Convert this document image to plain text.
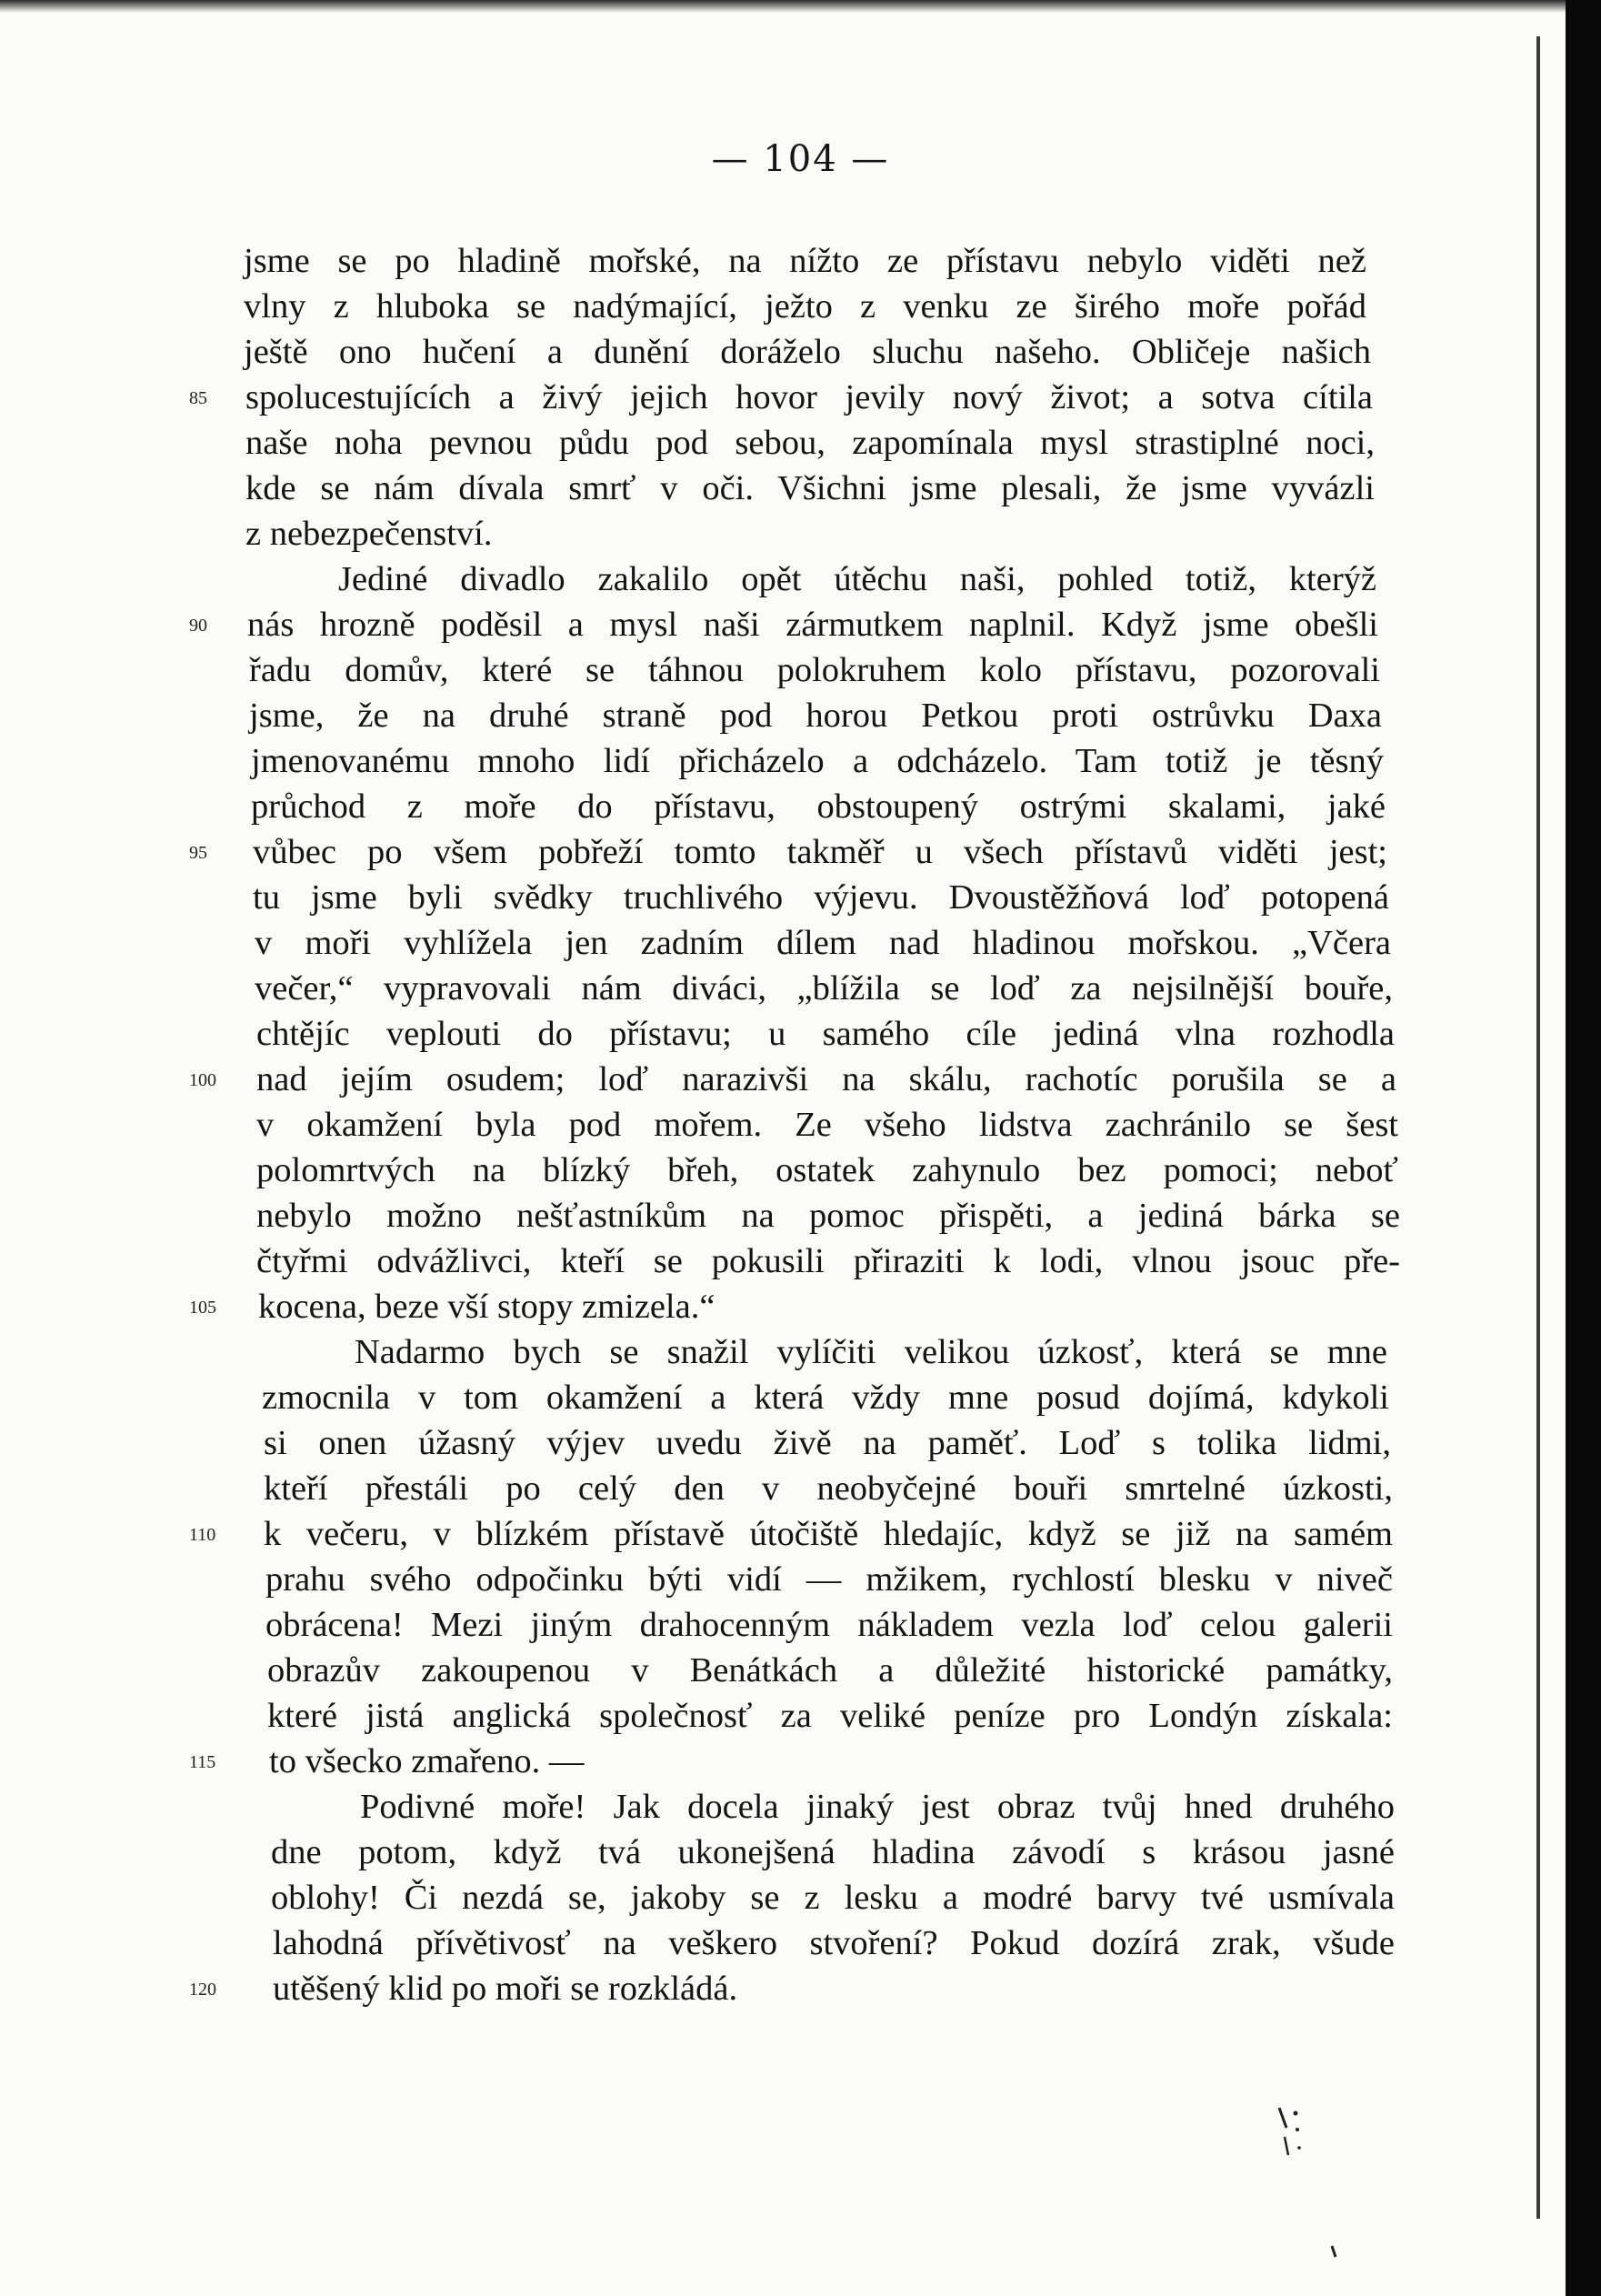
— 104 —
jsme se po hladině mořské, na nížto ze přístavu nebylo viděti než
vlny z hluboka se nadýmající, ježto z venku ze širého moře pořád
ještě ono hučení a dunění doráželo sluchu našeho. Obličeje našich
spolucestujících a živý jejich hovor jevily nový život; a sotva cítila
85
naše noha pevnou půdu pod sebou, zapomínala mysl strastiplné noci,
kde se nám dívala smrť v oči. Všichni jsme plesali, že jsme vyvázli
z nebezpečenství.
Jediné divadlo zakalilo opět útěchu naši, pohled totiž, kterýž
nás hrozně poděsil a mysl naši zármutkem naplnil. Když jsme obešli
90
řadu domův, které se táhnou polokruhem kolo přístavu, pozorovali
jsme, že na druhé straně pod horou Petkou proti ostrůvku Daxa
jmenovanému mnoho lidí přicházelo a odcházelo. Tam totiž je těsný
průchod z moře do přístavu, obstoupený ostrými skalami, jaké
vůbec po všem pobřeží tomto takměř u všech přístavů viděti jest;
95
tu jsme byli svědky truchlivého výjevu. Dvoustěžňová loď potopená
v moři vyhlížela jen zadním dílem nad hladinou mořskou. „Včera
večer,“ vypravovali nám diváci, „blížila se loď za nejsilnější bouře,
chtějíc veplouti do přístavu; u samého cíle jediná vlna rozhodla
nad jejím osudem; loď narazivši na skálu, rachotíc porušila se a
100
v okamžení byla pod mořem. Ze všeho lidstva zachránilo se šest
polomrtvých na blízký břeh, ostatek zahynulo bez pomoci; neboť
nebylo možno nešťastníkům na pomoc přispěti, a jediná bárka se
čtyřmi odvážlivci, kteří se pokusili přiraziti k lodi, vlnou jsouc pře-
kocena, beze vší stopy zmizela.“
105
Nadarmo bych se snažil vylíčiti velikou úzkosť, která se mne
zmocnila v tom okamžení a která vždy mne posud dojímá, kdykoli
si onen úžasný výjev uvedu živě na paměť. Loď s tolika lidmi,
kteří přestáli po celý den v neobyčejné bouři smrtelné úzkosti,
k večeru, v blízkém přístavě útočiště hledajíc, když se již na samém
110
prahu svého odpočinku býti vidí — mžikem, rychlostí blesku v niveč
obrácena! Mezi jiným drahocenným nákladem vezla loď celou galerii
obrazův zakoupenou v Benátkách a důležité historické památky,
které jistá anglická společnosť za veliké peníze pro Londýn získala:
to všecko zmařeno. —
115
Podivné moře! Jak docela jinaký jest obraz tvůj hned druhého
dne potom, když tvá ukonejšená hladina závodí s krásou jasné
oblohy! Či nezdá se, jakoby se z lesku a modré barvy tvé usmívala
lahodná přívětivosť na veškero stvoření? Pokud dozírá zrak, všude
utěšený klid po moři se rozkládá.
120
